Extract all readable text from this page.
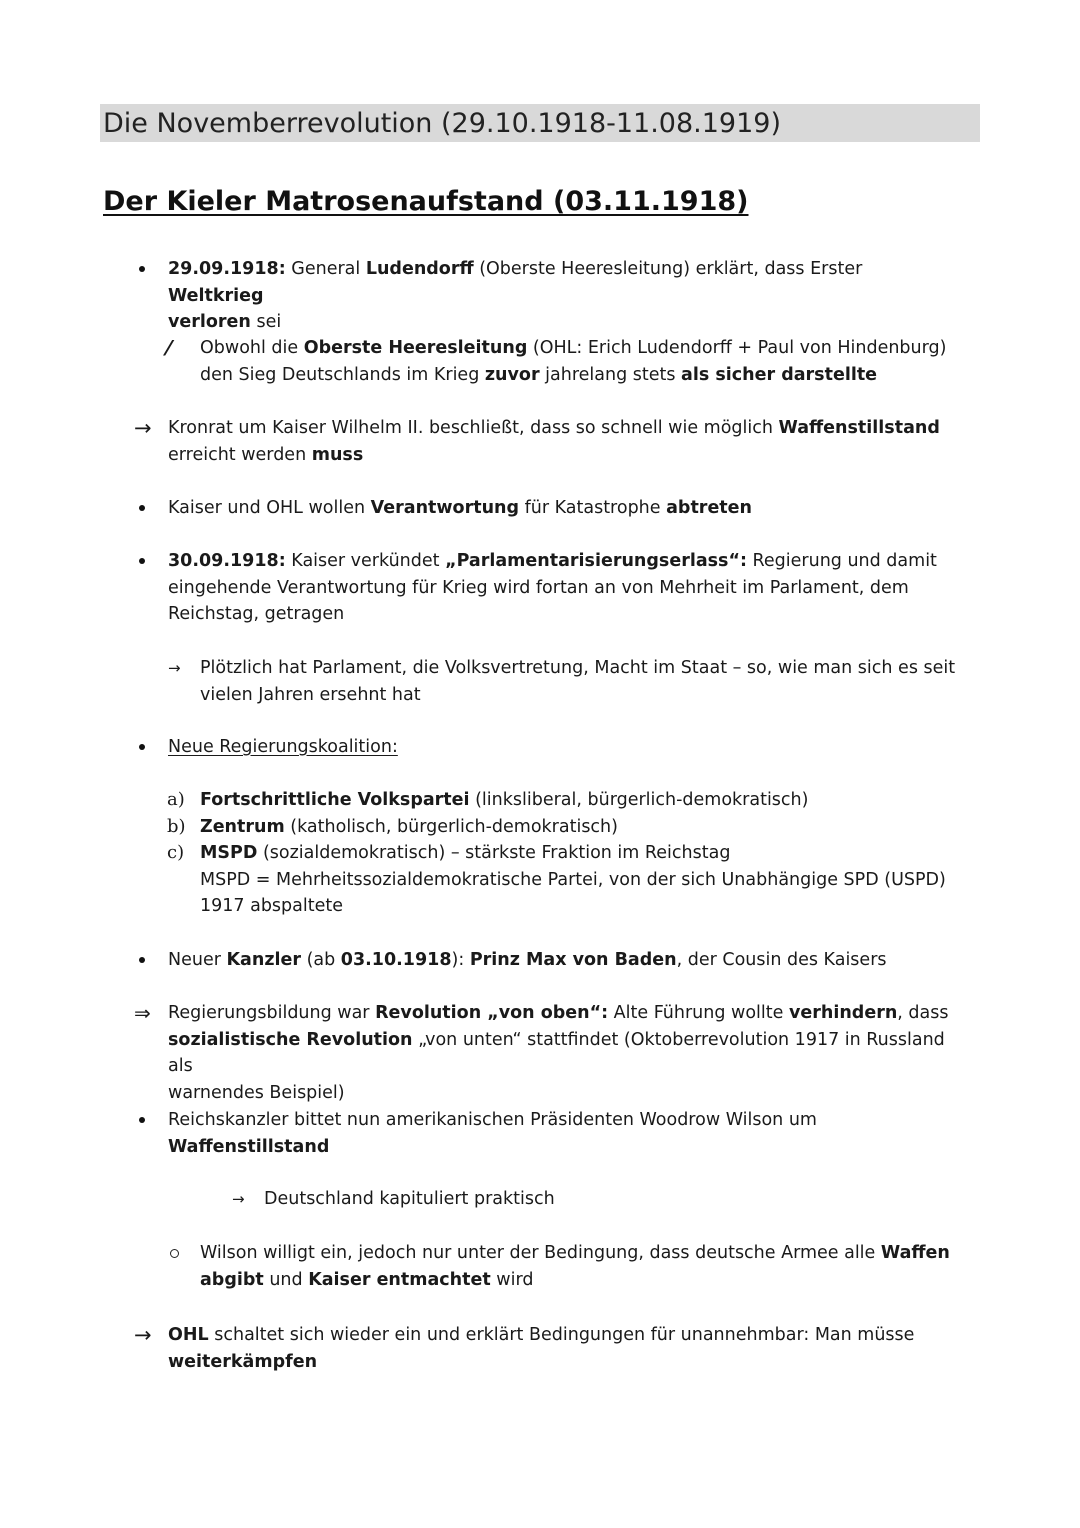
Die Novemberrevolution (29.10.1918-11.08.1919)
Der Kieler Matrosenaufstand (03.11.1918)
29.09.1918: General Ludendorff (Oberste Heeresleitung) erklärt, dass Erster Weltkrieg
verloren sei
⁄ Obwohl die Oberste Heeresleitung (OHL: Erich Ludendorff + Paul von Hindenburg)
den Sieg Deutschlands im Krieg zuvor jahrelang stets als sicher darstellte
→ Kronrat um Kaiser Wilhelm II. beschließt, dass so schnell wie möglich Waffenstillstand
erreicht werden muss
Kaiser und OHL wollen Verantwortung für Katastrophe abtreten
30.09.1918: Kaiser verkündet „Parlamentarisierungserlass“: Regierung und damit
eingehende Verantwortung für Krieg wird fortan an von Mehrheit im Parlament, dem
Reichstag, getragen
→ Plötzlich hat Parlament, die Volksvertretung, Macht im Staat – so, wie man sich es seit
vielen Jahren ersehnt hat
Neue Regierungskoalition:
a) Fortschrittliche Volkspartei (linksliberal, bürgerlich-demokratisch)
b) Zentrum (katholisch, bürgerlich-demokratisch)
c) MSPD (sozialdemokratisch) – stärkste Fraktion im Reichstag
MSPD = Mehrheitssozialdemokratische Partei, von der sich Unabhängige SPD (USPD)
1917 abspaltete
Neuer Kanzler (ab 03.10.1918): Prinz Max von Baden, der Cousin des Kaisers
⇒ Regierungsbildung war Revolution „von oben“: Alte Führung wollte verhindern, dass
sozialistische Revolution „von unten“ stattfindet (Oktoberrevolution 1917 in Russland als
warnendes Beispiel)
Reichskanzler bittet nun amerikanischen Präsidenten Woodrow Wilson um
Waffenstillstand
→ Deutschland kapituliert praktisch
Wilson willigt ein, jedoch nur unter der Bedingung, dass deutsche Armee alle Waffen
abgibt und Kaiser entmachtet wird
→ OHL schaltet sich wieder ein und erklärt Bedingungen für unannehmbar: Man müsse
weiterkämpfen
